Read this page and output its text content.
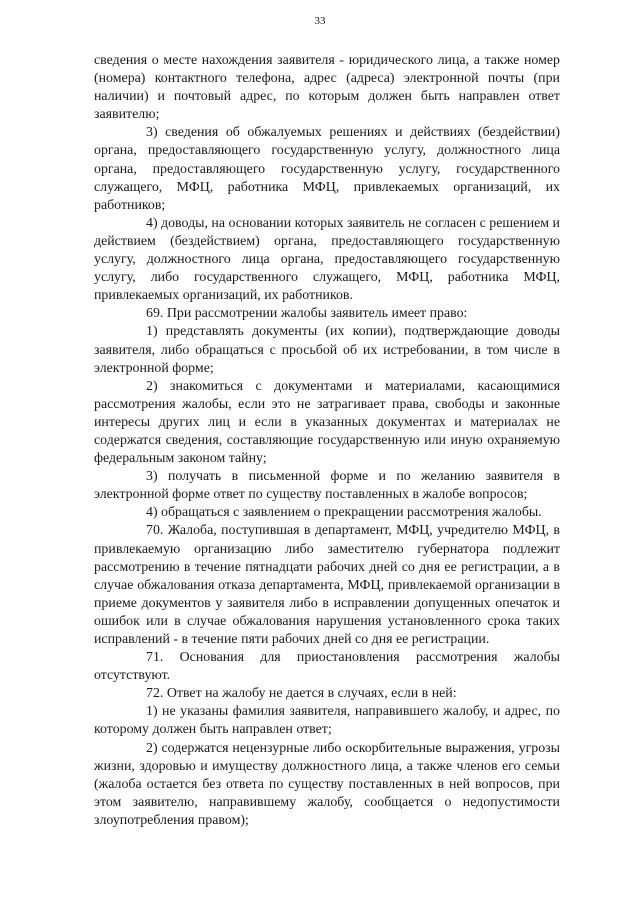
33

сведения о месте нахождения заявителя - юридического лица, а также номер (номера) контактного телефона, адрес (адреса) электронной почты (при наличии) и почтовый адрес, по которым должен быть направлен ответ заявителю;

3) сведения об обжалуемых решениях и действиях (бездействии) органа, предоставляющего государственную услугу, должностного лица органа, предоставляющего государственную услугу, государственного служащего, МФЦ, работника МФЦ, привлекаемых организаций, их работников;

4) доводы, на основании которых заявитель не согласен с решением и действием (бездействием) органа, предоставляющего государственную услугу, должностного лица органа, предоставляющего государственную услугу, либо государственного служащего, МФЦ, работника МФЦ, привлекаемых организаций, их работников.

69. При рассмотрении жалобы заявитель имеет право:

1) представлять документы (их копии), подтверждающие доводы заявителя, либо обращаться с просьбой об их истребовании, в том числе в электронной форме;

2) знакомиться с документами и материалами, касающимися рассмотрения жалобы, если это не затрагивает права, свободы и законные интересы других лиц и если в указанных документах и материалах не содержатся сведения, составляющие государственную или иную охраняемую федеральным законом тайну;

3) получать в письменной форме и по желанию заявителя в электронной форме ответ по существу поставленных в жалобе вопросов;

4) обращаться с заявлением о прекращении рассмотрения жалобы.

70. Жалоба, поступившая в департамент, МФЦ, учредителю МФЦ, в привлекаемую организацию либо заместителю губернатора подлежит рассмотрению в течение пятнадцати рабочих дней со дня ее регистрации, а в случае обжалования отказа департамента, МФЦ, привлекаемой организации в приеме документов у заявителя либо в исправлении допущенных опечаток и ошибок или в случае обжалования нарушения установленного срока таких исправлений - в течение пяти рабочих дней со дня ее регистрации.

71. Основания для приостановления рассмотрения жалобы отсутствуют.

72. Ответ на жалобу не дается в случаях, если в ней:

1) не указаны фамилия заявителя, направившего жалобу, и адрес, по которому должен быть направлен ответ;

2) содержатся нецензурные либо оскорбительные выражения, угрозы жизни, здоровью и имуществу должностного лица, а также членов его семьи (жалоба остается без ответа по существу поставленных в ней вопросов, при этом заявителю, направившему жалобу, сообщается о недопустимости злоупотребления правом);
